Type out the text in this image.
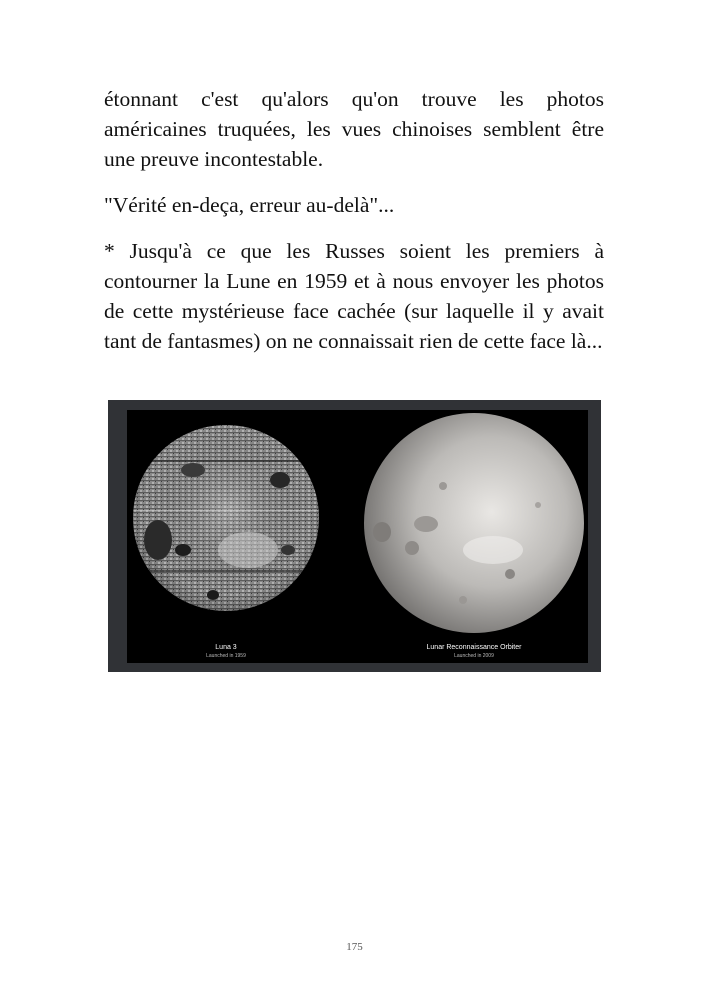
étonnant c'est qu'alors qu'on trouve les photos américaines truquées, les vues chinoises semblent être une preuve incontestable.

"Vérité en-deça, erreur au-delà"...

* Jusqu'à ce que les Russes soient les premiers à contourner la Lune en 1959 et à nous envoyer les photos de cette mystérieuse face cachée (sur laquelle il y avait tant de fantasmes) on ne connaissait rien de cette face là...

Luna 3
Launched in 1959
Lunar Reconnaissance Orbiter
Launched in 2009
175
